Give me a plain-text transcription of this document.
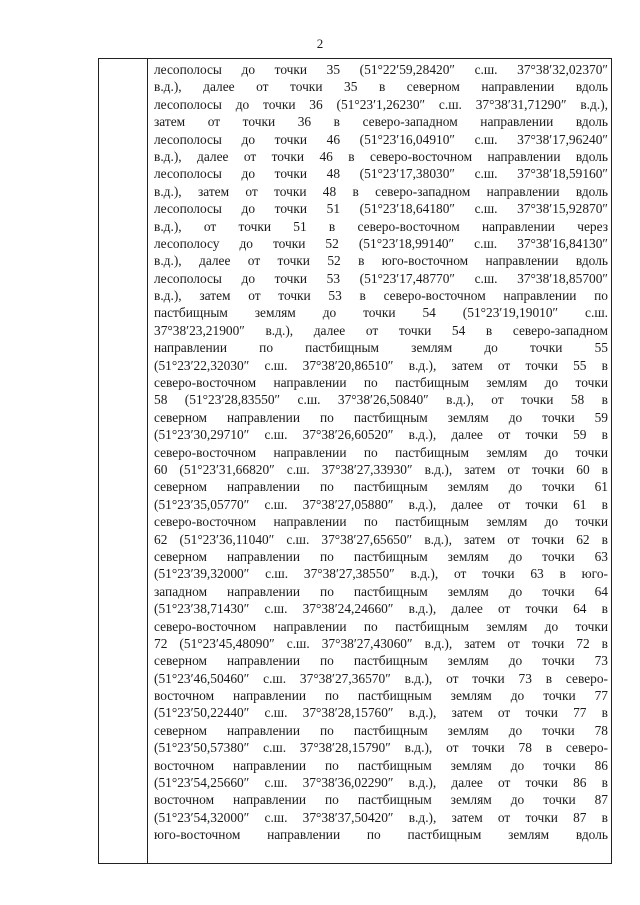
2
лесополосы до точки 35 (51°22′59,28420″ с.ш. 37°38′32,02370″
в.д.), далее от точки 35 в северном направлении вдоль
лесополосы до точки 36 (51°23′1,26230″ с.ш. 37°38′31,71290″ в.д.),
затем от точки 36 в северо-западном направлении вдоль
лесополосы до точки 46 (51°23′16,04910″ с.ш. 37°38′17,96240″
в.д.), далее от точки 46 в северо-восточном направлении вдоль
лесополосы до точки 48 (51°23′17,38030″ с.ш. 37°38′18,59160″
в.д.), затем от точки 48 в северо-западном направлении вдоль
лесополосы до точки 51 (51°23′18,64180″ с.ш. 37°38′15,92870″
в.д.), от точки 51 в северо-восточном направлении через
лесополосу до точки 52 (51°23′18,99140″ с.ш. 37°38′16,84130″
в.д.), далее от точки 52 в юго-восточном направлении вдоль
лесополосы до точки 53 (51°23′17,48770″ с.ш. 37°38′18,85700″
в.д.), затем от точки 53 в северо-восточном направлении по
пастбищным землям до точки 54 (51°23′19,19010″ с.ш.
37°38′23,21900″ в.д.), далее от точки 54 в северо-западном
направлении по пастбищным землям до точки 55
(51°23′22,32030″ с.ш. 37°38′20,86510″ в.д.), затем от точки 55 в
северо-восточном направлении по пастбищным землям до точки
58 (51°23′28,83550″ с.ш. 37°38′26,50840″ в.д.), от точки 58 в
северном направлении по пастбищным землям до точки 59
(51°23′30,29710″ с.ш. 37°38′26,60520″ в.д.), далее от точки 59 в
северо-восточном направлении по пастбищным землям до точки
60 (51°23′31,66820″ с.ш. 37°38′27,33930″ в.д.), затем от точки 60 в
северном направлении по пастбищным землям до точки 61
(51°23′35,05770″ с.ш. 37°38′27,05880″ в.д.), далее от точки 61 в
северо-восточном направлении по пастбищным землям до точки
62 (51°23′36,11040″ с.ш. 37°38′27,65650″ в.д.), затем от точки 62 в
северном направлении по пастбищным землям до точки 63
(51°23′39,32000″ с.ш. 37°38′27,38550″ в.д.), от точки 63 в юго-
западном направлении по пастбищным землям до точки 64
(51°23′38,71430″ с.ш. 37°38′24,24660″ в.д.), далее от точки 64 в
северо-восточном направлении по пастбищным землям до точки
72 (51°23′45,48090″ с.ш. 37°38′27,43060″ в.д.), затем от точки 72 в
северном направлении по пастбищным землям до точки 73
(51°23′46,50460″ с.ш. 37°38′27,36570″ в.д.), от точки 73 в северо-
восточном направлении по пастбищным землям до точки 77
(51°23′50,22440″ с.ш. 37°38′28,15760″ в.д.), затем от точки 77 в
северном направлении по пастбищным землям до точки 78
(51°23′50,57380″ с.ш. 37°38′28,15790″ в.д.), от точки 78 в северо-
восточном направлении по пастбищным землям до точки 86
(51°23′54,25660″ с.ш. 37°38′36,02290″ в.д.), далее от точки 86 в
восточном направлении по пастбищным землям до точки 87
(51°23′54,32000″ с.ш. 37°38′37,50420″ в.д.), затем от точки 87 в
юго-восточном направлении по пастбищным землям вдоль
